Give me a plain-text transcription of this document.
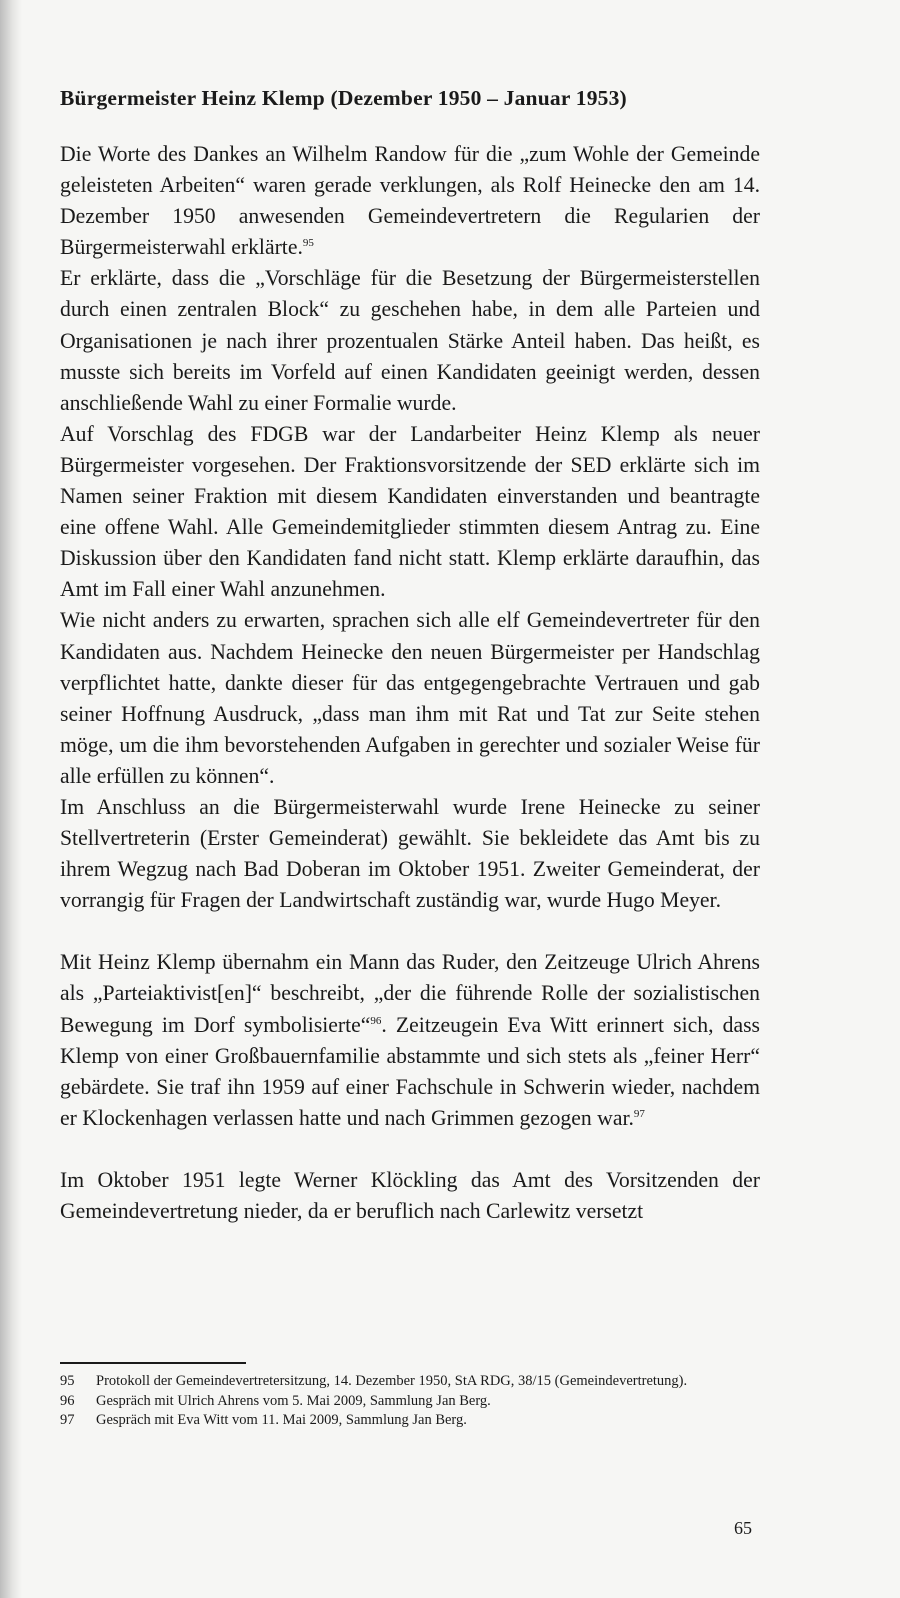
Bürgermeister Heinz Klemp (Dezember 1950 – Januar 1953)

Die Worte des Dankes an Wilhelm Randow für die „zum Wohle der Gemeinde geleisteten Arbeiten“ waren gerade verklungen, als Rolf Heinecke den am 14. Dezember 1950 anwesenden Gemeindevertretern die Regularien der Bürgermeisterwahl erklärte.$^{95}$

Er erklärte, dass die „Vorschläge für die Besetzung der Bürgermeisterstellen durch einen zentralen Block“ zu geschehen habe, in dem alle Parteien und Organisationen je nach ihrer prozentualen Stärke Anteil haben. Das heißt, es musste sich bereits im Vorfeld auf einen Kandidaten geeinigt werden, dessen anschließende Wahl zu einer Formalie wurde.

Auf Vorschlag des FDGB war der Landarbeiter Heinz Klemp als neuer Bürgermeister vorgesehen. Der Fraktionsvorsitzende der SED erklärte sich im Namen seiner Fraktion mit diesem Kandidaten einverstanden und beantragte eine offene Wahl. Alle Gemeindemitglieder stimmten diesem Antrag zu. Eine Diskussion über den Kandidaten fand nicht statt. Klemp erklärte daraufhin, das Amt im Fall einer Wahl anzunehmen.

Wie nicht anders zu erwarten, sprachen sich alle elf Gemeindevertreter für den Kandidaten aus. Nachdem Heinecke den neuen Bürgermeister per Handschlag verpflichtet hatte, dankte dieser für das entgegengebrachte Vertrauen und gab seiner Hoffnung Ausdruck, „dass man ihm mit Rat und Tat zur Seite stehen möge, um die ihm bevorstehenden Aufgaben in gerechter und sozialer Weise für alle erfüllen zu können“.

Im Anschluss an die Bürgermeisterwahl wurde Irene Heinecke zu seiner Stellvertreterin (Erster Gemeinderat) gewählt. Sie bekleidete das Amt bis zu ihrem Wegzug nach Bad Doberan im Oktober 1951. Zweiter Gemeinderat, der vorrangig für Fragen der Landwirtschaft zuständig war, wurde Hugo Meyer.

Mit Heinz Klemp übernahm ein Mann das Ruder, den Zeitzeuge Ulrich Ahrens als „Parteiaktivist[en]“ beschreibt, „der die führende Rolle der sozialistischen Bewegung im Dorf symbolisierte“$^{96}$. Zeitzeugein Eva Witt erinnert sich, dass Klemp von einer Großbauernfamilie abstammte und sich stets als „feiner Herr“ gebärdete. Sie traf ihn 1959 auf einer Fachschule in Schwerin wieder, nachdem er Klockenhagen verlassen hatte und nach Grimmen gezogen war.$^{97}$

Im Oktober 1951 legte Werner Klöckling das Amt des Vorsitzenden der Gemeindevertretung nieder, da er beruflich nach Carlewitz versetzt

95	Protokoll der Gemeindevertretersitzung, 14. Dezember 1950, StA RDG, 38/15 (Gemeindevertretung).
96	Gespräch mit Ulrich Ahrens vom 5. Mai 2009, Sammlung Jan Berg.
97	Gespräch mit Eva Witt vom 11. Mai 2009, Sammlung Jan Berg.
65
